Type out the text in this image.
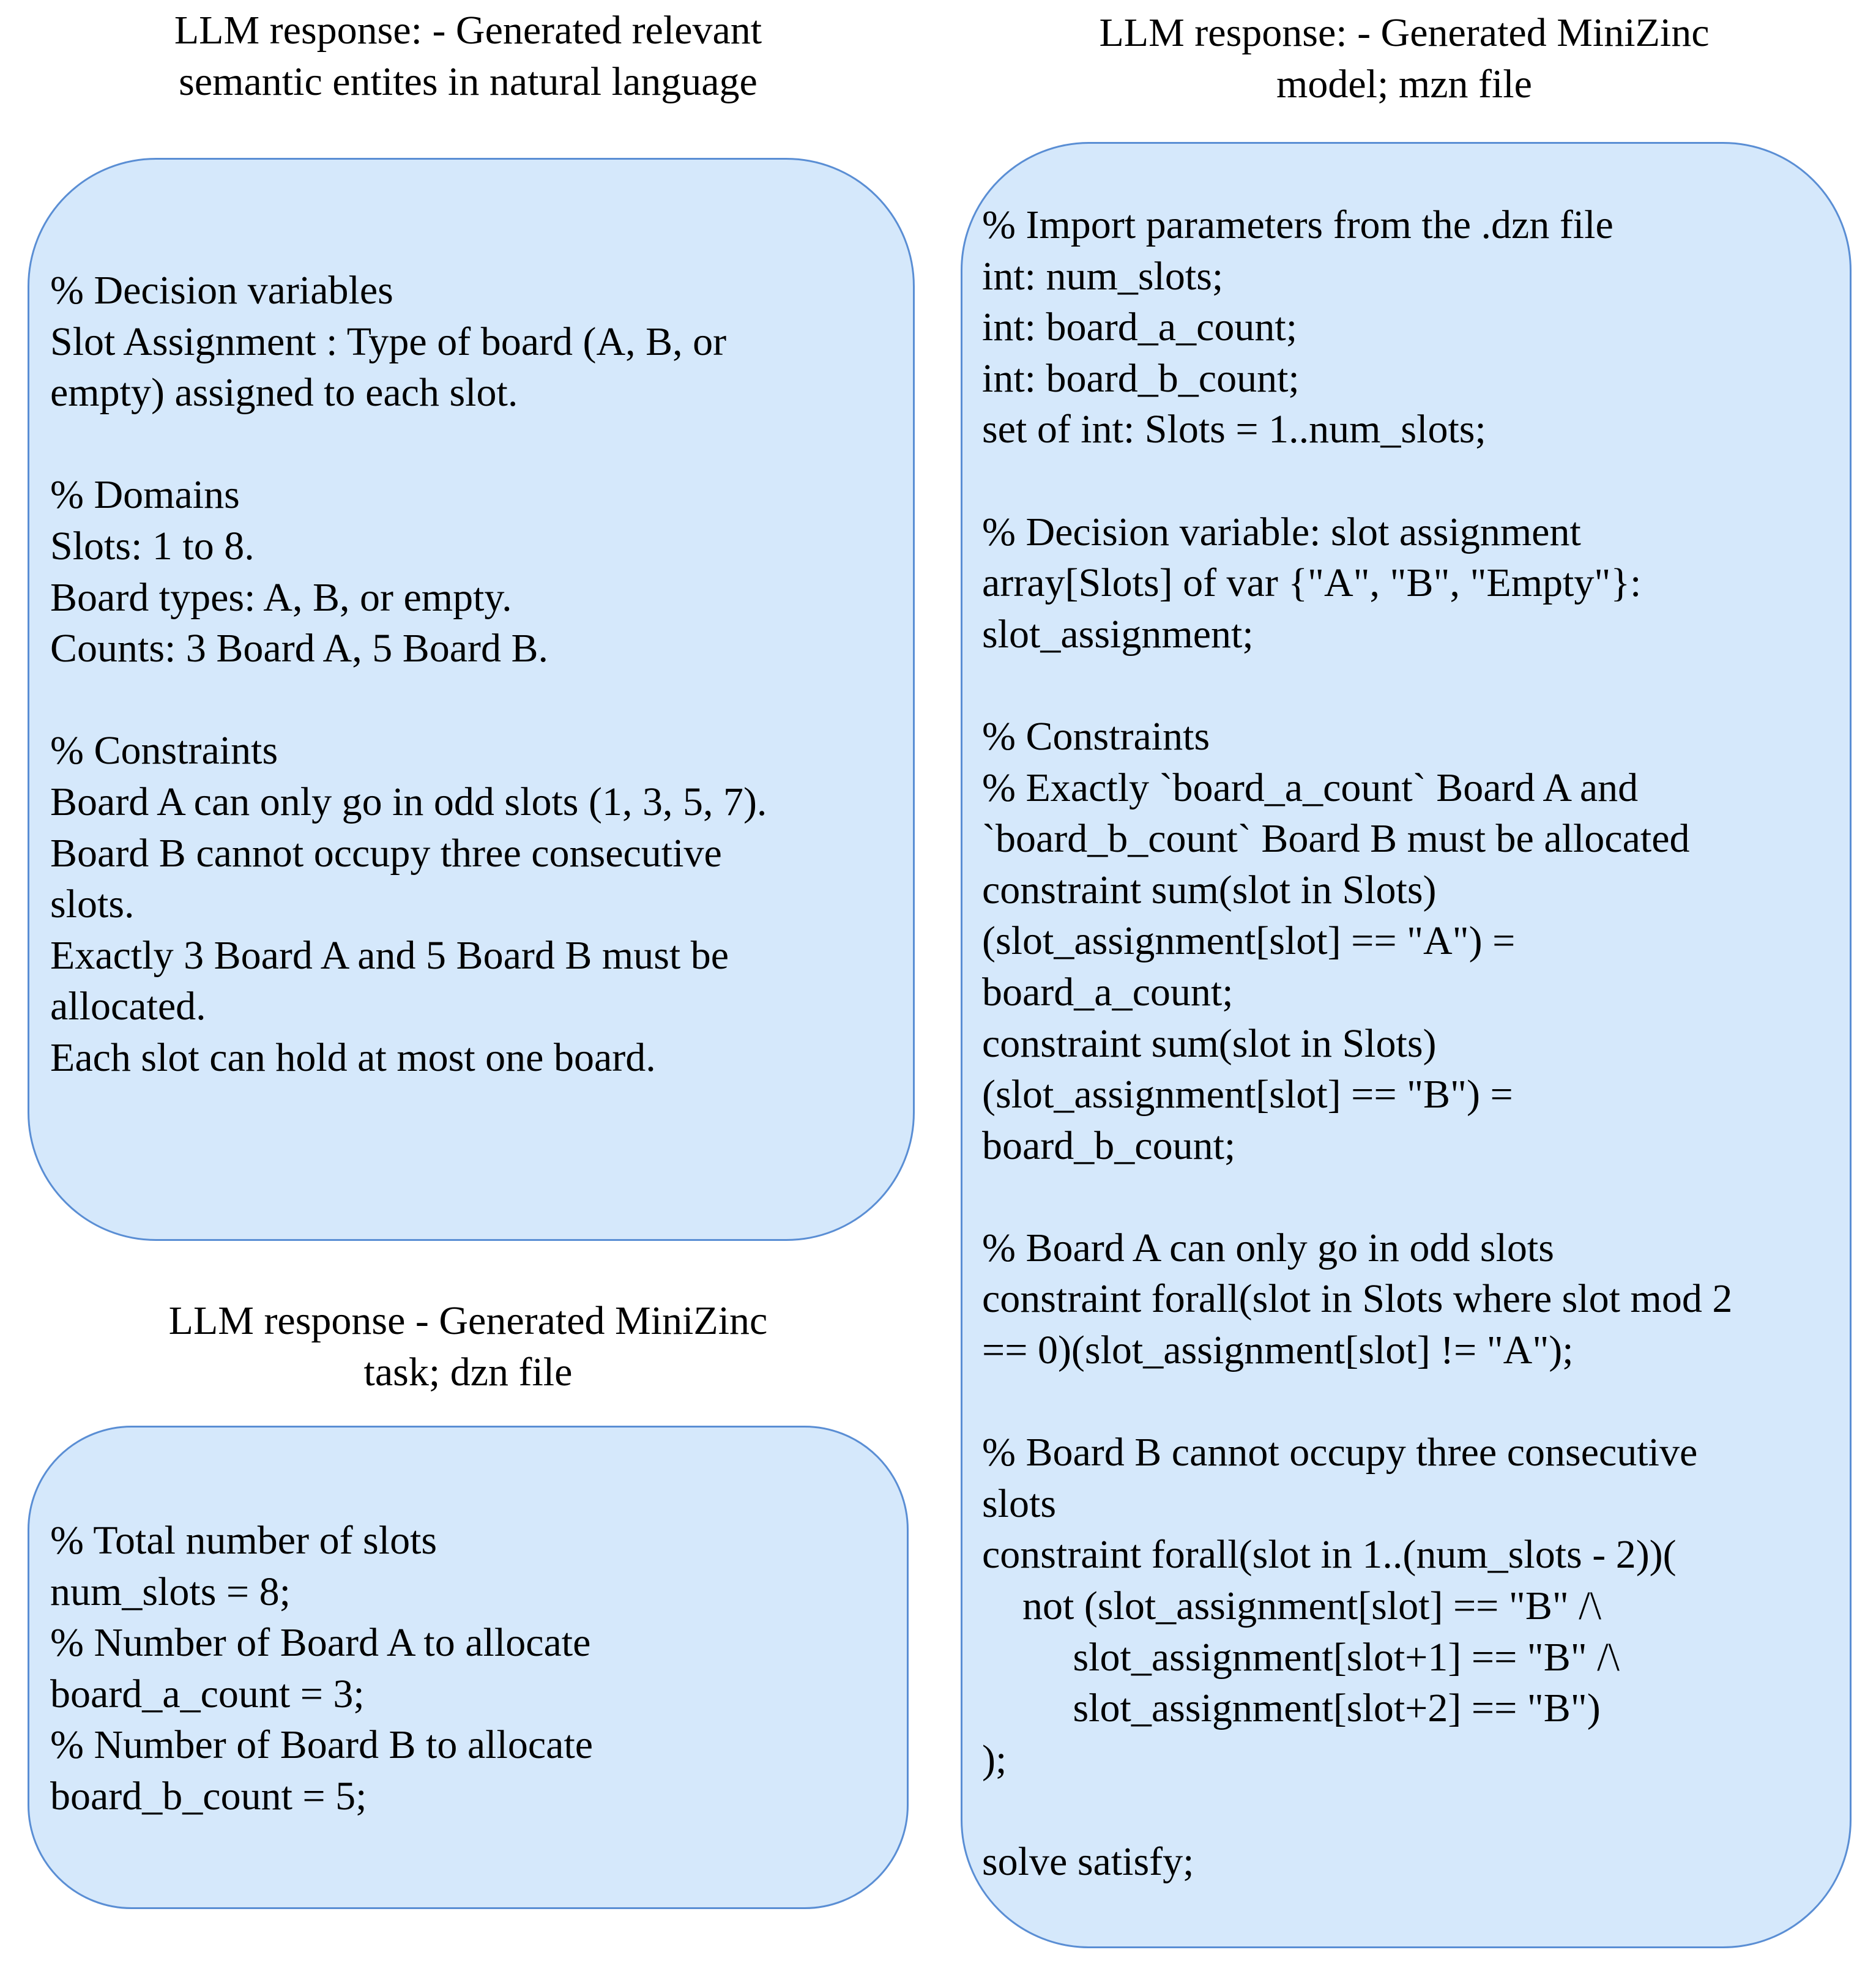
LLM response: - Generated relevant
semantic entites in natural language
LLM response: - Generated MiniZinc
model; mzn file
LLM response - Generated MiniZinc
task; dzn file
% Decision variables
Slot Assignment : Type of board (A, B, or
empty) assigned to each slot.
% Domains
Slots: 1 to 8.
Board types: A, B, or empty.
Counts: 3 Board A, 5 Board B.
% Constraints
Board A can only go in odd slots (1, 3, 5, 7).
Board B cannot occupy three consecutive
slots.
Exactly 3 Board A and 5 Board B must be
allocated.
Each slot can hold at most one board.
% Total number of slots
num_slots = 8;
% Number of Board A to allocate
board_a_count = 3;
% Number of Board B to allocate
board_b_count = 5;
% Import parameters from the .dzn file
int: num_slots;
int: board_a_count;
int: board_b_count;
set of int: Slots = 1..num_slots;
% Decision variable: slot assignment
array[Slots] of var {"A", "B", "Empty"}:
slot_assignment;
% Constraints
% Exactly `board_a_count` Board A and
`board_b_count` Board B must be allocated
constraint sum(slot in Slots)
(slot_assignment[slot] == "A") =
board_a_count;
constraint sum(slot in Slots)
(slot_assignment[slot] == "B") =
board_b_count;
% Board A can only go in odd slots
constraint forall(slot in Slots where slot mod 2
== 0)(slot_assignment[slot] != "A");
% Board B cannot occupy three consecutive
slots
constraint forall(slot in 1..(num_slots - 2))(
not (slot_assignment[slot] == "B" /\
slot_assignment[slot+1] == "B" /\
slot_assignment[slot+2] == "B")
);
solve satisfy;
